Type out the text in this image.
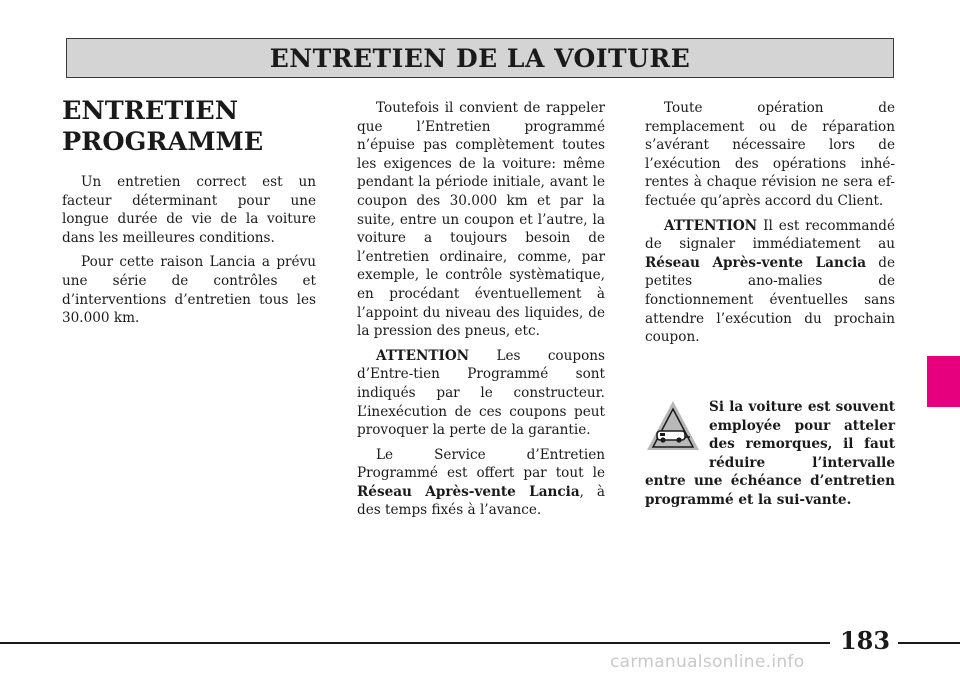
ENTRETIEN DE LA VOITURE
ENTRETIEN
PROGRAMME

Un entretien correct est un facteur déterminant pour une longue durée de vie de la voiture dans les meilleures conditions.

Pour cette raison Lancia a prévu une série de contrôles et d’interventions d’entretien tous les 30.000 km.

Toutefois il convient de rappeler que l’Entretien programmé n’épuise pas complètement toutes les exigences de la voiture: même pendant la période initiale, avant le coupon des 30.000 km et par la suite, entre un coupon et l’autre, la voiture a toujours besoin de l’entretien ordinaire, comme, par exemple, le contrôle systèmatique, en procédant éventuellement à l’appoint du niveau des liquides, de la pression des pneus, etc.

ATTENTION Les coupons d’Entre-tien Programmé sont indiqués par le constructeur. L’inexécution de ces coupons peut provoquer la perte de la garantie.

Le Service d’Entretien Programmé est offert par tout le Réseau Après-vente Lancia, à des temps fixés à l’avance.

Toute opération de remplacement ou de réparation s’avérant nécessaire lors de l’exécution des opérations inhé-rentes à chaque révision ne sera ef-fectuée qu’après accord du Client.

ATTENTION Il est recommandé de signaler immédiatement au Réseau Après-vente Lancia de petites ano-malies de fonctionnement éventuelles sans attendre l’exécution du prochain coupon.

Si la voiture est souvent employée pour atteler des remorques, il faut réduire l’intervalle entre une échéance d’entretien programmé et la sui-vante.
183
carmanualsonline.info
